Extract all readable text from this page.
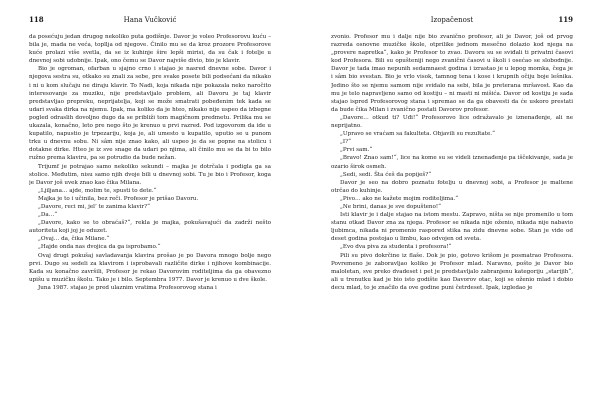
118	Hana Vučković

da posećuju jedan drugog nekoliko puta godišnje. Davor je voleo Profesorovu kuću – bila je, mada ne veća, topllja od njegove. Činilo mu se da kroz prozore Profesorove kuće prolazi više svetla, da se iz kuhinje šire lepši mirisi, da su čak i fotelje u dnevnoj sobi udobnije. Ipak, ono čemu se Davor najviše divio, bio je klavir.

Bio je ogroman, ofarban u sjajno crno i stajao je nasred dnevne sobe. Davor i njegova sestra su, otkako su znali za sebe, pre svake posete bili podsećani da nikako i ni u kom slučaju ne diraju klavir. To Nadi, koja nikada nije pokazala neko naročito interesovanje za muziku, nije predstavljalo problem, ali Davoru je taj klavir predstavljao prepreku, neprijatelja, koji se može smatrati pobeđenim tek kada se udari svaka dirka na njemu. Ipak, ma koliko da je hteo, nikako nije uspeo da izbegne pogled odraslih dovoljno dugo da se približi tom magičnom predmetu. Prilika mu se ukazala, konačno, leto pre nego što je krenuo u prvi razred. Pod izgovorom da ide u kupatilo, napustio je trpezariju, koja je, ali umesto u kupatilo, uputio se u punom trku u dnevnu sobu. Ni sâm nije znao kako, ali uspeo je da se popne na stolicu i dotakne dirke. Hteo je iz sve snage da udari po njima, ali činilo mu se da bi to bilo ružno prema klaviru, pa se potrudio da bude nežan.

Trijumf je potrajao samo nekoliko sekundi – majka je dotrčala i podigla ga sa stolice. Međutim, nisu samo njih dvoje bili u dnevnoj sobi. Tu je bio i Profesor, koga je Davor još uvek znao kao čika Milana.

„Ljiljana… ajde, molim te, spusti to dete.“

Majka je to i učinila, bez reči. Profesor je prišao Davoru.

„Davore, reci mi, jel’ te zanima klavir?“

„Da…“

„Davore, kako se to obraćaš?“, rekla je majka, pokušavajući da zadrži nešto autoriteta koji joj je oduzet.

„Ovaj… da, čika Milane.“

„Hajde onda nas dvojica da ga isprobamo.“

Ovaj drugi pokušaj savladavanja klavira prošao je po Davora mnogo bolje nego prvi. Dugo su sedeli za klavirom i isprobavali različite dirke i njihove kombinacije. Kada su konačno završili, Profesor je rekao Davorovim roditeljima da ga obavezno upišu u muzičku školu. Tako je i bilo. Septembra 1977. Davor je krenuo u dve škole.

Juna 1987. stajao je pred ulaznim vratima Profesorovog stana i

Izopačenost	119

zvonio. Profesor mu i dalje nije bio zvanično profesor, ali je Davor, još od prvog razreda osnovne muzičke škole, otprilike jednom mesečno dolazio kod njega na „provere napretka“, kako je Profesor to zvao. Davoru su se sviđali ti privatni časovi kod Profesora. Bili su opušteniji nego zvanični časovi u školi i osećao se slobodnije. Davor je tada imao nepunih sedamnaest godina i izrastao je u lepog momka, čega je i sâm bio svestan. Bio je vrlo visok, tamnog tena i kose i krupnih očiju boje lešnika. Jedino što se njemu samom nije svidalo na sebi, bila je preterana mršavost. Kao da mu je telo napravljeno samo od kostiju – ni masti ni mišića. Davor od kostiju je sada stajao ispred Profesorovog stana i spremao se da ga obavesti da će uskoro prestati da bude čika Milan i zvanično postati Davorov profesor.

„Davore… otkud ti? Uđi!“ Profesorovo lice odražavalo je iznenađenje, ali ne neprijatno.

„Upravo se vraćam sa fakulteta. Objavili su rezultate.“

„I?“

„Prvi sam.“

„Bravo! Znao sam!“, lice na kome su se videli iznenađenje pa iščekivanje, sada je ozario širok osmeh.

„Sedi, sedi. Šta ćeš da popiješ?“

Davor je seo na dobro poznatu fotelju u dnevnoj sobi, a Profesor je maltene otrčao do kuhinje.

„Pivo… ako ne kažete mojim roditeljima.“

„Ne brini, danas je sve dopušteno!“

Isti klavir je i dalje stajao na istom mestu. Zapravo, ništa se nije promenilo u tom stanu otkad Davor zna za njega. Profesor se nikada nije oženio, nikada nije nabavio ljubimca, nikada ni promenio raspored stika na zidu dnevne sobe. Stan je vide od deset godina postojao u limbu, kao odvojen od sveta.

„Evo dva piva za studenta i profesora!“

Pili su pivo dokrčine iz flaše. Dok je pio, gotovo krišom je posmatrao Profesora. Povremeno je zaboravljao koliko je Profesor mlad. Naravno, pošto je Davor bio maloletan, sve preko dvadeset i pet je predstavljalo zabranjenu kategoriju „starijih“, ali u trenutku kad je bio isto godište kao Davorov otac, koji se oženio mlad i dobio decu mlad, to je značilo da ove godine puni četrdeset. Ipak, izgledao je
